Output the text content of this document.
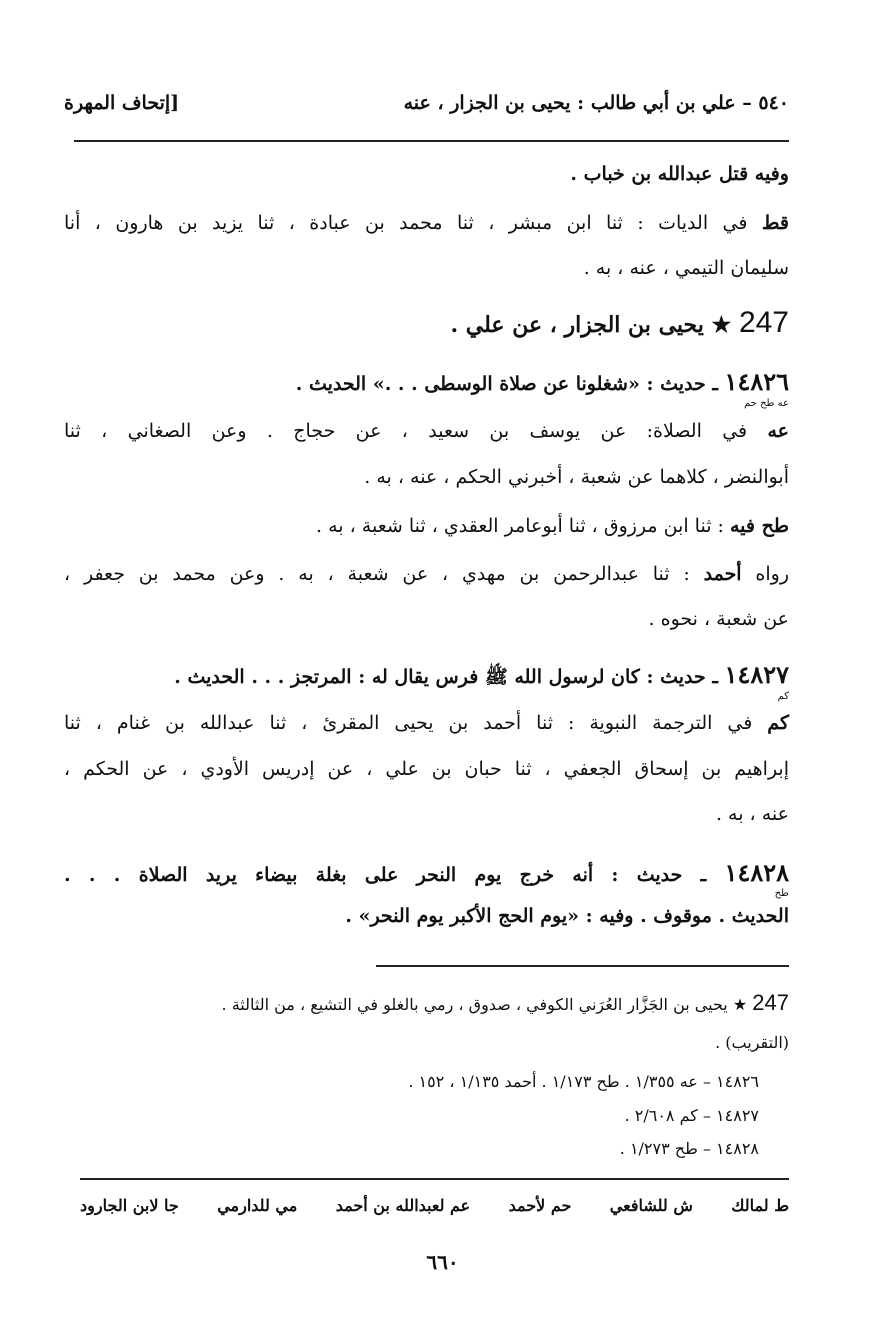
٥٤٠ – علي بن أبي طالب : يحيى بن الجزار ، عنه
[إتحاف المهرة
وفيه قتل عبدالله بن خباب .
قط في الديات : ثنا ابن مبشر ، ثنا محمد بن عبادة ، ثنا يزيد بن هارون ، أنا
سليمان التيمي ، عنه ، به .
247 ★ يحيى بن الجزار ، عن علي .
١٤٨٢٦ ـ حديث : «شغلونا عن صلاة الوسطى . . .» الحديث .
عه طح حم
عه في الصلاة: عن يوسف بن سعيد ، عن حجاج . وعن الصغاني ، ثنا
أبوالنضر ، كلاهما عن شعبة ، أخبرني الحكم ، عنه ، به .
طح فيه : ثنا ابن مرزوق ، ثنا أبوعامر العقدي ، ثنا شعبة ، به .
رواه أحمد : ثنا عبدالرحمن بن مهدي ، عن شعبة ، به . وعن محمد بن جعفر ،
عن شعبة ، نحوه .
١٤٨٢٧ ـ حديث : كان لرسول الله ﷺ فرس يقال له : المرتجز . . . الحديث .
كم
كم في الترجمة النبوية : ثنا أحمد بن يحيى المقرئ ، ثنا عبدالله بن غنام ، ثنا
إبراهيم بن إسحاق الجعفي ، ثنا حبان بن علي ، عن إدريس الأودي ، عن الحكم ،
عنه ، به .
١٤٨٢٨ ـ حديث : أنه خرج يوم النحر على بغلة بيضاء يريد الصلاة . . .
طح
الحديث . موقوف . وفيه : «يوم الحج الأكبر يوم النحر» .
247 ★ يحيى بن الجَزَّار العُرَني الكوفي ، صدوق ، رمي بالغلو في التشيع ، من الثالثة .
(التقريب) .
١٤٨٢٦ – عه ١/٣٥٥ . طح ١/١٧٣ . أحمد ١/١٣٥ ، ١٥٢ .
١٤٨٢٧ – كم ٢/٦٠٨ .
١٤٨٢٨ – طح ١/٢٧٣ .
ط لمالك
ش للشافعي
حم لأحمد
عم لعبدالله بن أحمد
مي للدارمي
جا لابن الجارود
٦٦٠
